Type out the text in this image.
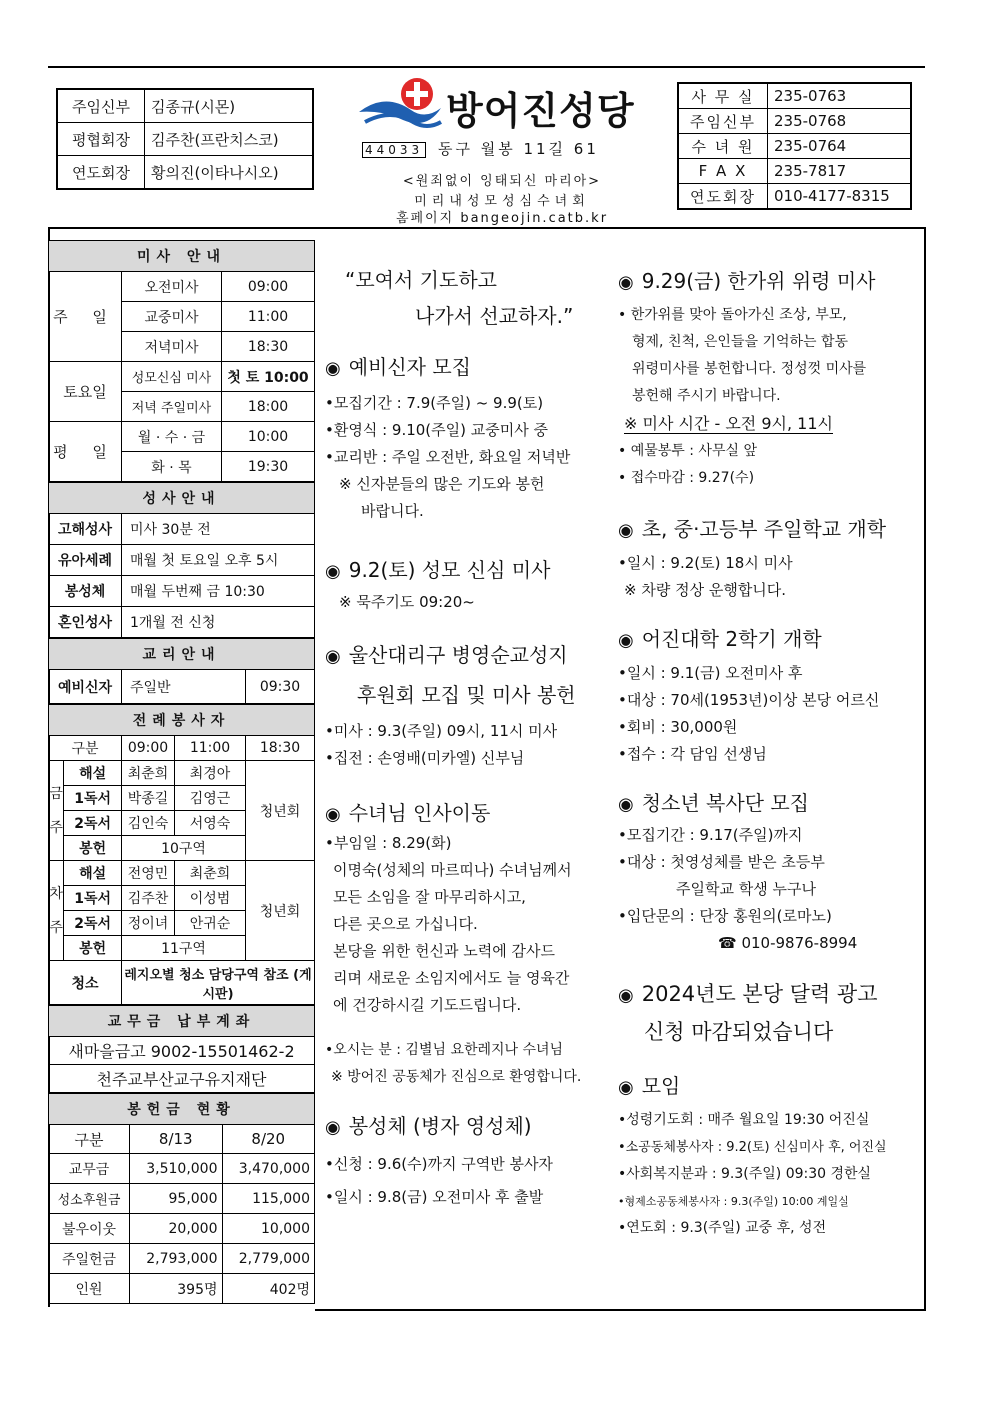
주임신부	김종규(시몬)
평협회장	김주찬(프란치스코)
연도회장	황의진(이타나시오)
방어진성당
44033 동구 월봉 11길 61
<원죄없이 잉태되신 마리아>
미리내성모성심수녀회
홈페이지 bangeojin.catb.kr
사 무 실	235-0763
주임신부	235-0768
수 녀 원	235-0764
F A X	235-7817
연도회장	010-4177-8315
미사 안내		
주 일	오전미사	09:00
	교중미사	11:00
	저녁미사	18:30
토요일	성모신심 미사	첫 토 10:00
	저녁 주일미사	18:00
평 일	월 · 수 · 금	10:00
	화 · 목	19:30
성사안내	
고해성사	미사 30분 전
유아세례	매월 첫 토요일 오후 5시
봉성체	매월 두번째 금 10:30
혼인성사	1개월 전 신청
교리안내
예비신자	주일반	09:30
전례봉사자				
구분		09:00	11:00	18:30
금
주	해설	최춘희	최경아	청년회
	1독서	박종길	김영근	
	2독서	김인숙	서영숙	
	봉헌	10구역		
차
주	해설	전영민	최춘희	청년회
	1독서	김주찬	이성범	
	2독서	정이녀	안귀순	
	봉헌	11구역		
청소		레지오별 청소 담당구역 참조 (게시판)		
교무금 납부계좌
새마을금고 9002-15501462-2
천주교부산교구유지재단
봉헌금 현황		
구분	8/13	8/20
교무금	3,510,000	3,470,000
성소후원금	95,000	115,000
불우이웃	20,000	10,000
주일헌금	2,793,000	2,779,000
인원	395명	402명
“모여서 기도하고
나가서 선교하자.”
◉ 예비신자 모집
•모집기간 : 7.9(주일) ~ 9.9(토)
•환영식 : 9.10(주일) 교중미사 중
•교리반 : 주일 오전반, 화요일 저녁반
※ 신자분들의 많은 기도와 봉헌
바랍니다.
◉ 9.2(토) 성모 신심 미사
※ 묵주기도 09:20~
◉ 울산대리구 병영순교성지
후원회 모집 및 미사 봉헌
•미사 : 9.3(주일) 09시, 11시 미사
•집전 : 손영배(미카엘) 신부님
◉ 수녀님 인사이동
•부임일 : 8.29(화)
이명숙(성체의 마르띠나) 수녀님께서
모든 소임을 잘 마무리하시고,
다른 곳으로 가십니다.
본당을 위한 헌신과 노력에 감사드
리며 새로운 소임지에서도 늘 영육간
에 건강하시길 기도드립니다.
•오시는 분 : 김별님 요한레지나 수녀님
※ 방어진 공동체가 진심으로 환영합니다.
◉ 봉성체 (병자 영성체)
•신청 : 9.6(수)까지 구역반 봉사자
•일시 : 9.8(금) 오전미사 후 출발
◉ 9.29(금) 한가위 위령 미사
• 한가위를 맞아 돌아가신 조상, 부모,
형제, 친척, 은인들을 기억하는 합동
위령미사를 봉헌합니다. 정성껏 미사를
봉헌해 주시기 바랍니다.
※ 미사 시간 - 오전 9시, 11시
• 예물봉투 : 사무실 앞
• 접수마감 : 9.27(수)
◉ 초, 중·고등부 주일학교 개학
•일시 : 9.2(토) 18시 미사
※ 차량 정상 운행합니다.
◉ 어진대학 2학기 개학
•일시 : 9.1(금) 오전미사 후
•대상 : 70세(1953년)이상 본당 어르신
•회비 : 30,000원
•접수 : 각 담임 선생님
◉ 청소년 복사단 모집
•모집기간 : 9.17(주일)까지
•대상 : 첫영성체를 받은 초등부
주일학교 학생 누구나
•입단문의 : 단장 홍원의(로마노)
☎ 010-9876-8994
◉ 2024년도 본당 달력 광고
신청 마감되었습니다
◉ 모임
•성령기도회 : 매주 월요일 19:30 어진실
•소공동체봉사자 : 9.2(토) 신심미사 후, 어진실
•사회복지분과 : 9.3(주일) 09:30 경한실
•형제소공동체봉사자 : 9.3(주일) 10:00 계일실
•연도회 : 9.3(주일) 교중 후, 성전
